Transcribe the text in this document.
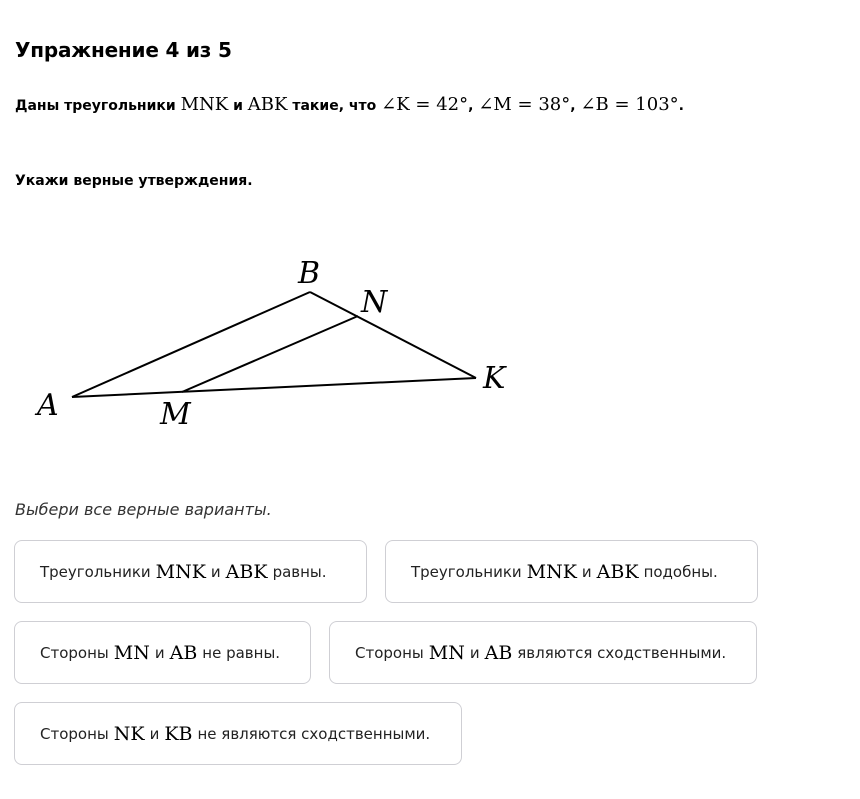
Упражнение 4 из 5
Даны треугольники MNK и ABK такие, что ∠K = 42°, ∠M = 38°, ∠B = 103°.
Укажи верные утверждения.
B
N
K
A	M
Выбери все верные варианты.
Треугольники MNK и ABK равны.	Треугольники MNK и ABK подобны.
Стороны MN и AB не равны.	Стороны MN и AB являются сходственными.
Стороны NK и KB не являются сходственными.
